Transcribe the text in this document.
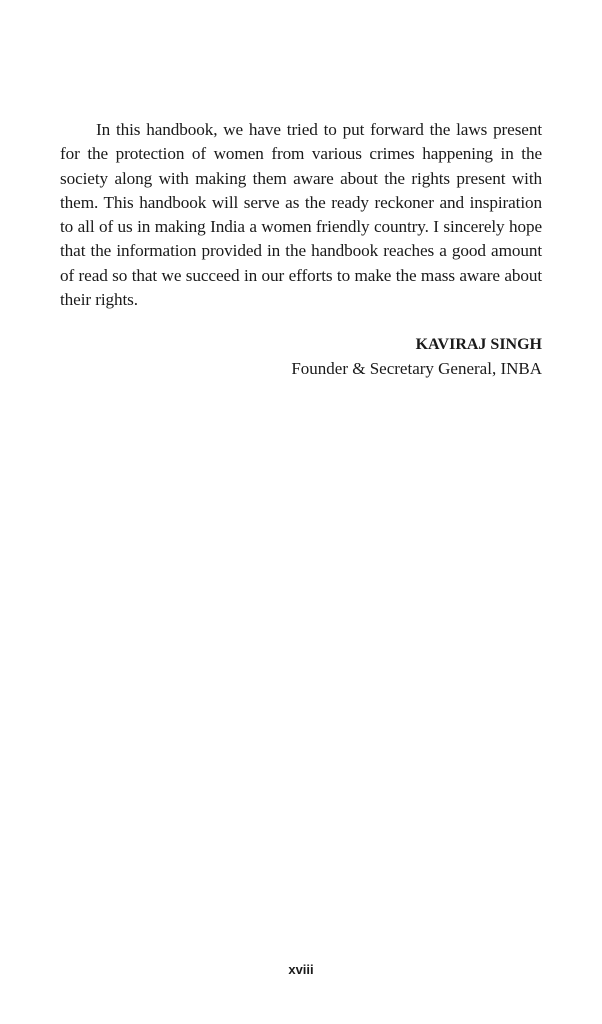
In this handbook, we have tried to put forward the laws present for the protection of women from various crimes happening in the society along with making them aware about the rights present with them. This handbook will serve as the ready reckoner and inspiration to all of us in making India a women friendly country. I sincerely hope that the information provided in the handbook reaches a good amount of read so that we succeed in our efforts to make the mass aware about their rights.

KAVIRAJ SINGH
Founder & Secretary General, INBA
xviii
